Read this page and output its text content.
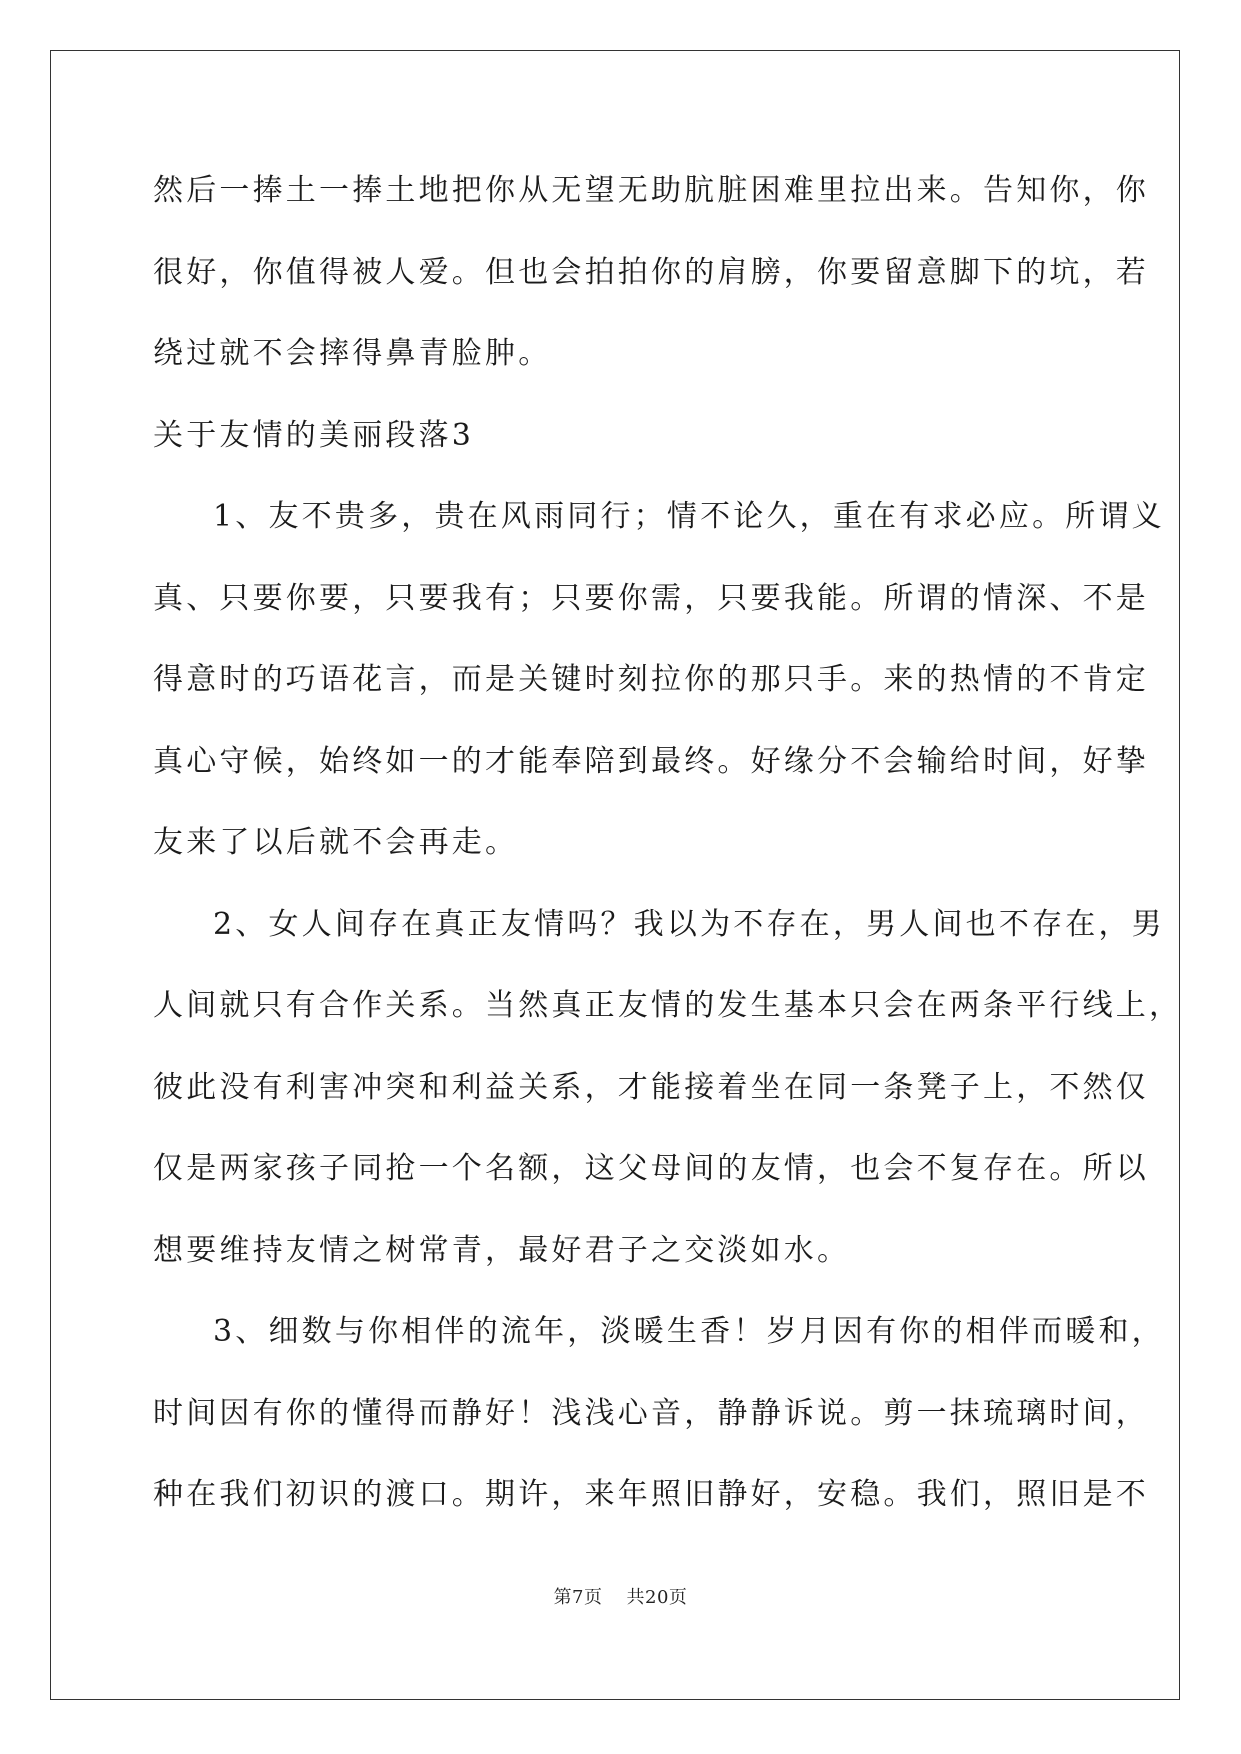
然后一捧土一捧土地把你从无望无助肮脏困难里拉出来。告知你，你
很好，你值得被人爱。但也会拍拍你的肩膀，你要留意脚下的坑，若
绕过就不会摔得鼻青脸肿。
关于友情的美丽段落3
1、友不贵多，贵在风雨同行；情不论久，重在有求必应。所谓义
真、只要你要，只要我有；只要你需，只要我能。所谓的情深、不是
得意时的巧语花言，而是关键时刻拉你的那只手。来的热情的不肯定
真心守候，始终如一的才能奉陪到最终。好缘分不会输给时间，好挚
友来了以后就不会再走。
2、女人间存在真正友情吗？我以为不存在，男人间也不存在，男
人间就只有合作关系。当然真正友情的发生基本只会在两条平行线上，
彼此没有利害冲突和利益关系，才能接着坐在同一条凳子上，不然仅
仅是两家孩子同抢一个名额，这父母间的友情，也会不复存在。所以
想要维持友情之树常青，最好君子之交淡如水。
3、细数与你相伴的流年，淡暖生香！岁月因有你的相伴而暖和，
时间因有你的懂得而静好！浅浅心音，静静诉说。剪一抹琉璃时间，
种在我们初识的渡口。期许，来年照旧静好，安稳。我们，照旧是不
第7页 共20页
